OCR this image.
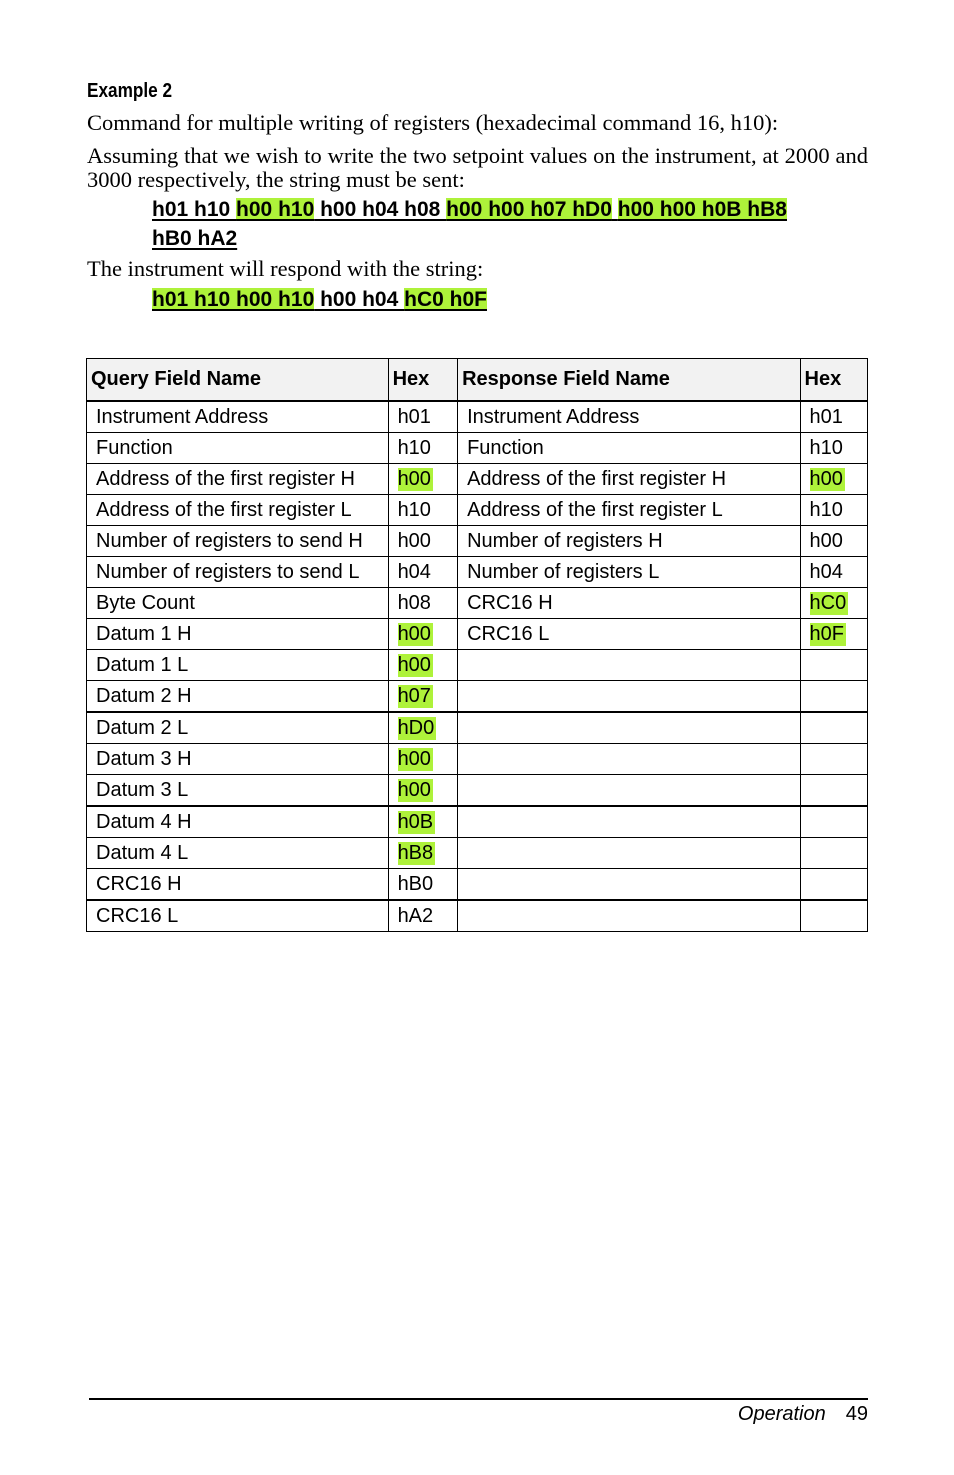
Example 2
Command for multiple writing of registers (hexadecimal command 16, h10):
Assuming that we wish to write the two setpoint values on the instrument, at 2000 and 3000 respectively, the string must be sent:
h01 h10 h00 h10 h00 h04 h08 h00 h00 h07 hD0 h00 h00 h0B hB8
hB0 hA2
The instrument will respond with the string:
h01 h10 h00 h10 h00 h04 hC0 h0F
Query Field Name	Hex	Response Field Name	Hex
Instrument Address	h01	Instrument Address	h01
Function	h10	Function	h10
Address of the first register H	h00	Address of the first register H	h00
Address of the first register L	h10	Address of the first register L	h10
Number of registers to send H	h00	Number of registers H	h00
Number of registers to send L	h04	Number of registers L	h04
Byte Count	h08	CRC16 H	hC0
Datum 1 H	h00	CRC16 L	h0F
Datum 1 L	h00		
Datum 2 H	h07		
Datum 2 L	hD0		
Datum 3 H	h00		
Datum 3 L	h00		
Datum 4 H	h0B		
Datum 4 L	hB8		
CRC16 H	hB0		
CRC16 L	hA2		
Operation 49
